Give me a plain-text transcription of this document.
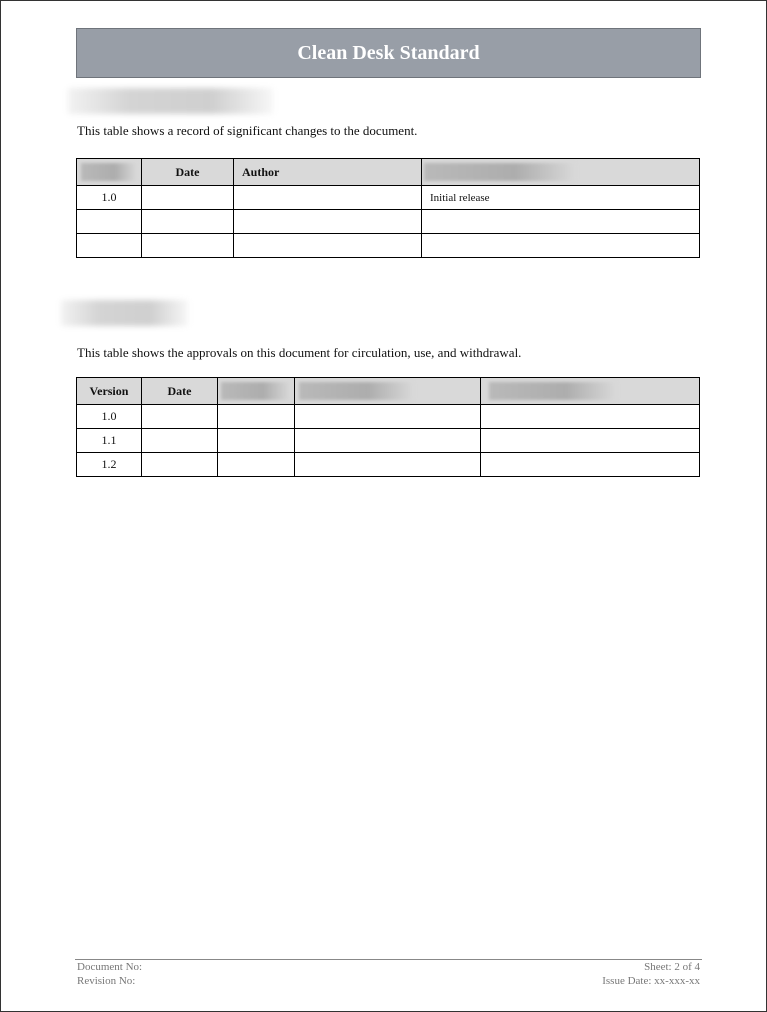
Clean Desk Standard
This table shows a record of significant changes to the document.
	Date	Author	

1.0			Initial release

This table shows the approvals on this document for circulation, use, and withdrawal.
Version	Date	

1.0				
1.1				
1.2				
Document No:
Revision No:
Sheet: 2 of 4
Issue Date: xx-xxx-xx
